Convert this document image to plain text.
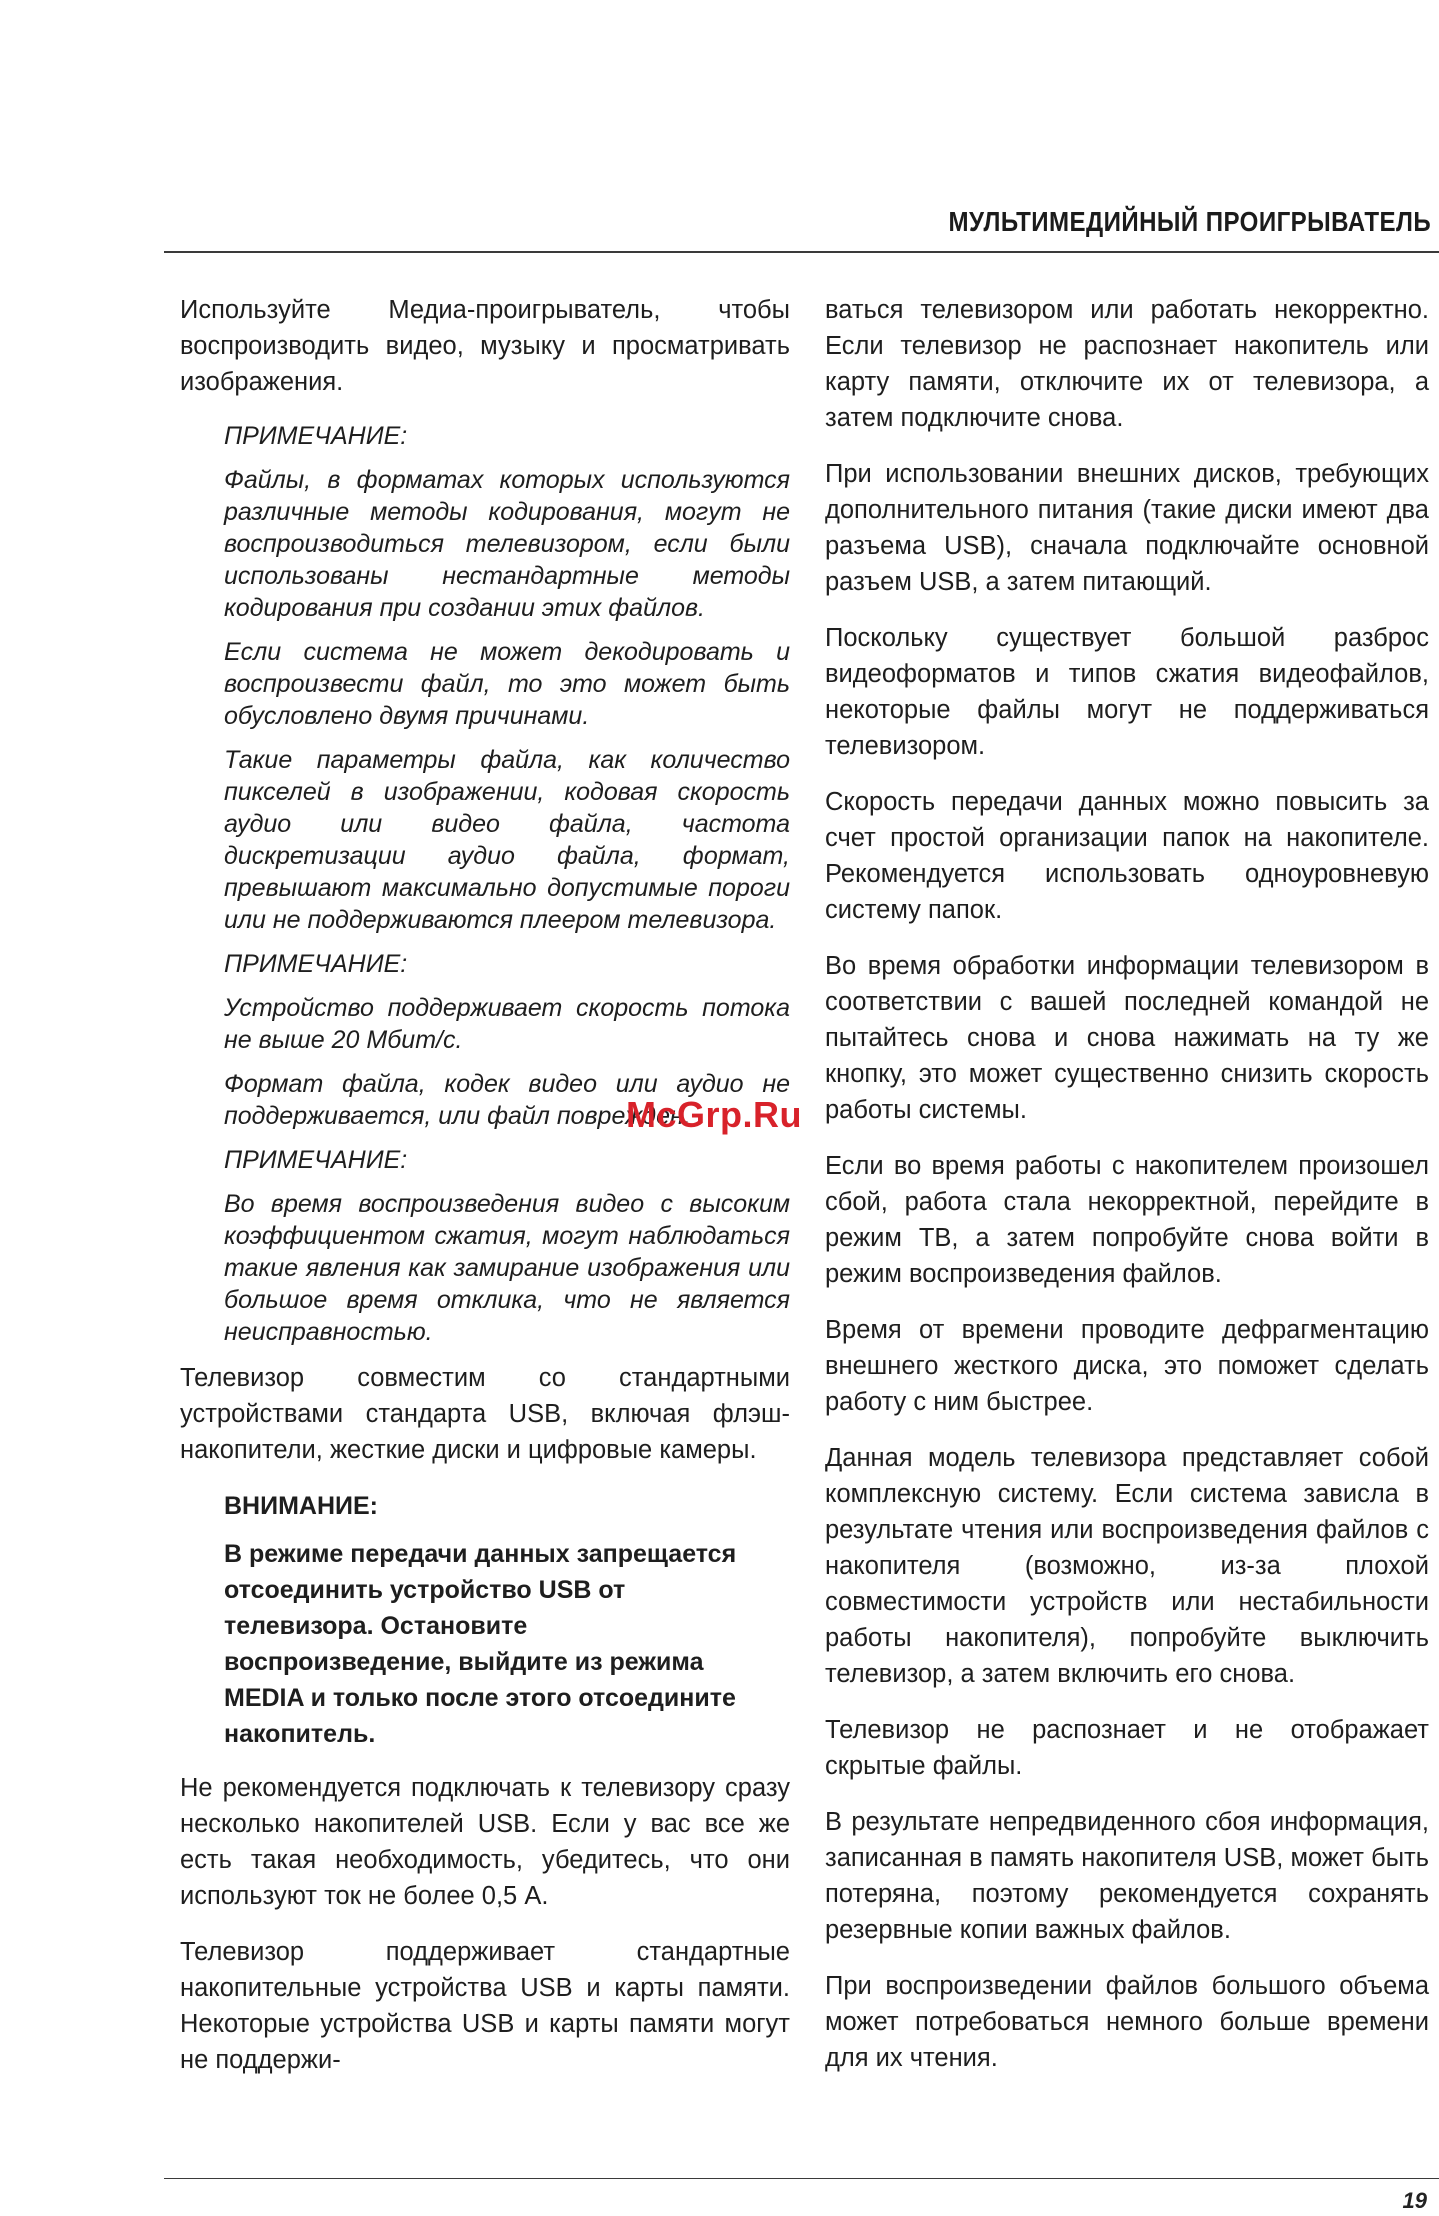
МУЛЬТИМЕДИЙНЫЙ ПРОИГРЫВАТЕЛЬ

Используйте Медиа-проигрыватель, чтобы воспроизводить видео, музыку и просматривать изображения.

ПРИМЕЧАНИЕ:

Файлы, в форматах которых используются различные методы кодирования, могут не воспроизводиться телевизором, если были использованы нестандартные методы кодирования при создании этих файлов.

Если система не может декодировать и воспроизвести файл, то это может быть обусловлено двумя причинами.

Такие параметры файла, как количество пикселей в изображении, кодовая скорость аудио или видео файла, частота дискретизации аудио файла, формат, превышают максимально допустимые пороги или не поддерживаются плеером телевизора.

ПРИМЕЧАНИЕ:

Устройство поддерживает скорость потока не выше 20 Мбит/с.

Формат файла, кодек видео или аудио не поддерживается, или файл поврежден.

ПРИМЕЧАНИЕ:

Во время воспроизведения видео с высоким коэффициентом сжатия, могут наблюдаться такие явления как замирание изображения или большое время отклика, что не является неисправностью.

Телевизор совместим со стандартными устройствами стандарта USB, включая флэш-накопители, жесткие диски и цифровые камеры.

ВНИМАНИЕ:

В режиме передачи данных запрещается отсоединить устройство USB от телевизора. Остановите воспроизведение, выйдите из режима MEDIA и только после этого отсоедините накопитель.

Не рекомендуется подключать к телевизору сразу несколько накопителей USB. Если у вас все же есть такая необходимость, убедитесь, что они используют ток не более 0,5 А.

Телевизор поддерживает стандартные накопительные устройства USB и карты памяти. Некоторые устройства USB и карты памяти могут не поддержи-

ваться телевизором или работать некорректно. Если телевизор не распознает накопитель или карту памяти, отключите их от телевизора, а затем подключите снова.

При использовании внешних дисков, требующих дополнительного питания (такие диски имеют два разъема USB), сначала подключайте основной разъем USB, а затем питающий.

Поскольку существует большой разброс видеоформатов и типов сжатия видеофайлов, некоторые файлы могут не поддерживаться телевизором.

Скорость передачи данных можно повысить за счет простой организации папок на накопителе. Рекомендуется использовать одноуровневую систему папок.

Во время обработки информации телевизором в соответствии с вашей последней командой не пытайтесь снова и снова нажимать на ту же кнопку, это может существенно снизить скорость работы системы.

Если во время работы с накопителем произошел сбой, работа стала некорректной, перейдите в режим ТВ, а затем попробуйте снова войти в режим воспроизведения файлов.

Время от времени проводите дефрагментацию внешнего жесткого диска, это поможет сделать работу с ним быстрее.

Данная модель телевизора представляет собой комплексную систему. Если система зависла в результате чтения или воспроизведения файлов с накопителя (возможно, из-за плохой совместимости устройств или нестабильности работы накопителя), попробуйте выключить телевизор, а затем включить его снова.

Телевизор не распознает и не отображает скрытые файлы.

В результате непредвиденного сбоя информация, записанная в память накопителя USB, может быть потеряна, поэтому рекомендуется сохранять резервные копии важных файлов.

При воспроизведении файлов большого объема может потребоваться немного больше времени для их чтения.

McGrp.Ru
19
